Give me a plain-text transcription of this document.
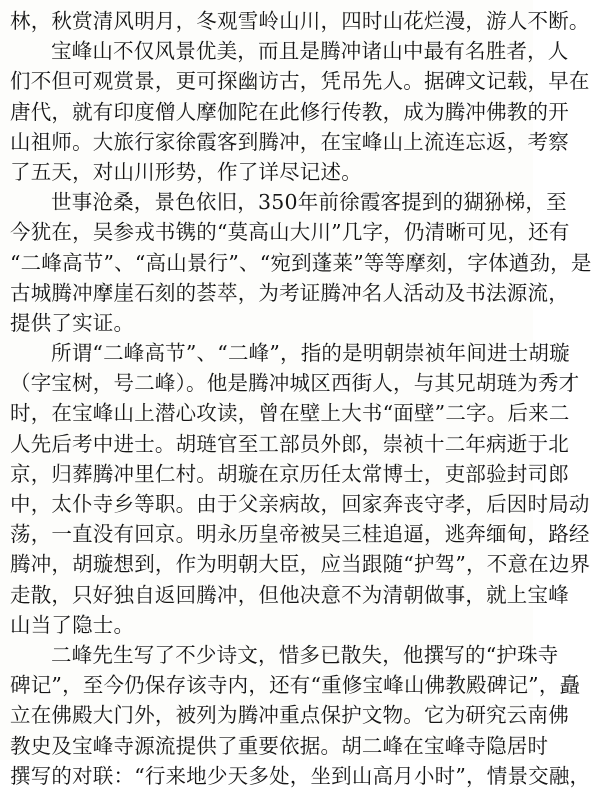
林，秋赏清风明月，冬观雪岭山川，四时山花烂漫，游人不断。
宝峰山不仅风景优美，而且是腾冲诸山中最有名胜者，人
们不但可观赏景，更可探幽访古，凭吊先人。据碑文记载，早在
唐代，就有印度僧人摩伽陀在此修行传教，成为腾冲佛教的开
山祖师。大旅行家徐霞客到腾冲，在宝峰山上流连忘返，考察
了五天，对山川形势，作了详尽记述。
世事沧桑，景色依旧，350年前徐霞客提到的猢狲梯，至
今犹在，吴参戎书镌的“莫高山大川”几字，仍清晰可见，还有
“二峰高节”、“高山景行”、“宛到蓬莱”等等摩刻，字体遒劲，是
古城腾冲摩崖石刻的荟萃，为考证腾冲名人活动及书法源流，
提供了实证。
所谓“二峰高节”、“二峰”，指的是明朝崇祯年间进士胡璇
（字宝树，号二峰）。他是腾冲城区西街人，与其兄胡琏为秀才
时，在宝峰山上潜心攻读，曾在壁上大书“面壁”二字。后来二
人先后考中进士。胡琏官至工部员外郎，崇祯十二年病逝于北
京，归葬腾冲里仁村。胡璇在京历任太常博士，吏部验封司郎
中，太仆寺乡等职。由于父亲病故，回家奔丧守孝，后因时局动
荡，一直没有回京。明永历皇帝被吴三桂追逼，逃奔缅甸，路经
腾冲，胡璇想到，作为明朝大臣，应当跟随“护驾”，不意在边界
走散，只好独自返回腾冲，但他决意不为清朝做事，就上宝峰
山当了隐士。
二峰先生写了不少诗文，惜多已散失，他撰写的“护珠寺
碑记”，至今仍保存该寺内，还有“重修宝峰山佛教殿碑记”，矗
立在佛殿大门外，被列为腾冲重点保护文物。它为研究云南佛
教史及宝峰寺源流提供了重要依据。胡二峰在宝峰寺隐居时
撰写的对联：“行来地少天多处，坐到山高月小时”，情景交融，
